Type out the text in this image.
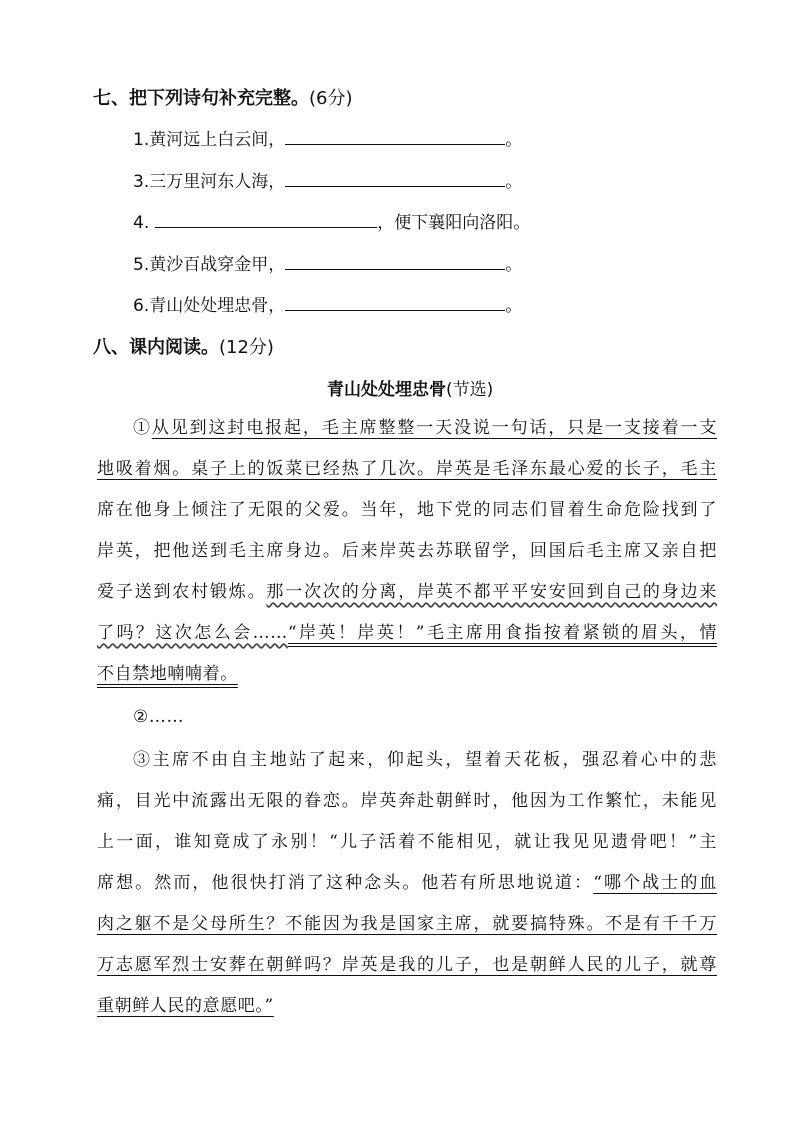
七、把下列诗句补充完整。(6分)
1.黄河远上白云间，	。
3.三万里河东人海，	。
4.	，便下襄阳向洛阳。
5.黄沙百战穿金甲，	。
6.青山处处埋忠骨，	。
八、课内阅读。(12分)
青山处处埋忠骨(节选)
①从见到这封电报起，毛主席整整一天没说一句话，只是一支接着一支
地吸着烟。桌子上的饭菜已经热了几次。岸英是毛泽东最心爱的长子，毛主
席在他身上倾注了无限的父爱。当年，地下党的同志们冒着生命危险找到了
岸英，把他送到毛主席身边。后来岸英去苏联留学，回国后毛主席又亲自把
爱子送到农村锻炼。那一次次的分离，岸英不都平平安安回到自己的身边来
了吗？这次怎么会……“岸英！岸英！”毛主席用食指按着紧锁的眉头，情
不自禁地喃喃着。
②……
③主席不由自主地站了起来，仰起头，望着天花板，强忍着心中的悲
痛，目光中流露出无限的眷恋。岸英奔赴朝鲜时，他因为工作繁忙，未能见
上一面，谁知竟成了永别！“儿子活着不能相见，就让我见见遗骨吧！”主
席想。然而，他很快打消了这种念头。他若有所思地说道：“哪个战士的血
肉之躯不是父母所生？不能因为我是国家主席，就要搞特殊。不是有千千万
万志愿军烈士安葬在朝鲜吗？岸英是我的儿子，也是朝鲜人民的儿子，就尊
重朝鲜人民的意愿吧。”
